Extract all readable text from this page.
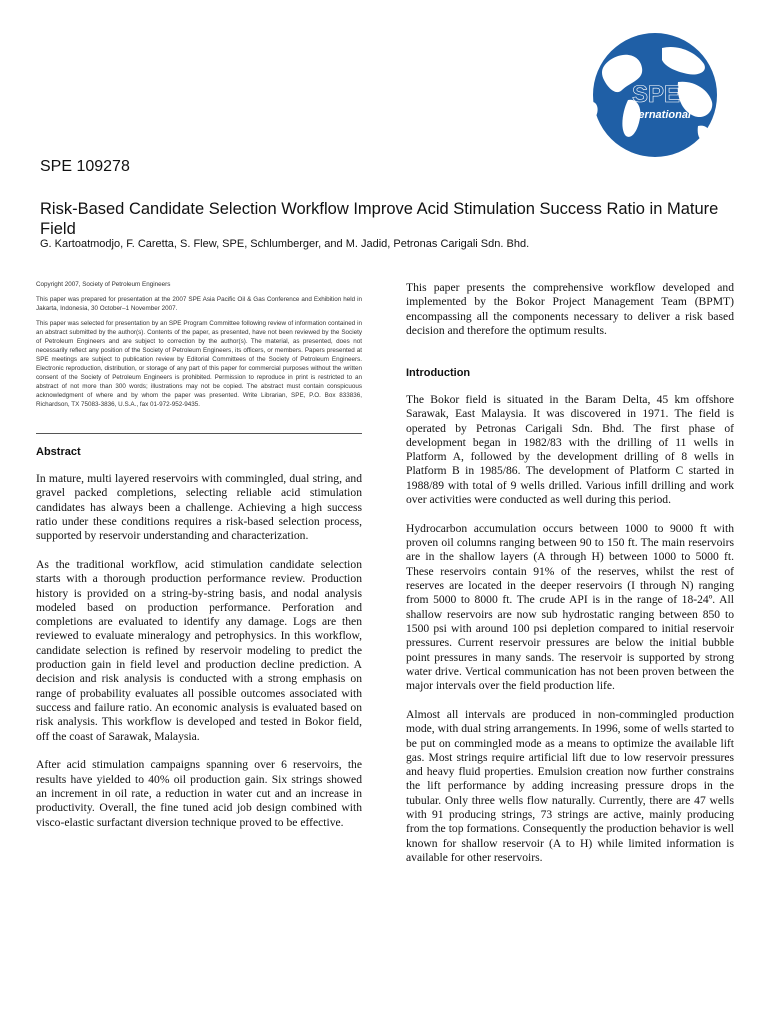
SPE
International
SPE 109278
Risk-Based Candidate Selection Workflow Improve Acid Stimulation Success Ratio in Mature Field
G. Kartoatmodjo, F. Caretta, S. Flew, SPE, Schlumberger, and M. Jadid, Petronas Carigali Sdn. Bhd.

Copyright 2007, Society of Petroleum Engineers

This paper was prepared for presentation at the 2007 SPE Asia Pacific Oil & Gas Conference and Exhibition held in Jakarta, Indonesia, 30 October–1 November 2007.

This paper was selected for presentation by an SPE Program Committee following review of information contained in an abstract submitted by the author(s). Contents of the paper, as presented, have not been reviewed by the Society of Petroleum Engineers and are subject to correction by the author(s). The material, as presented, does not necessarily reflect any position of the Society of Petroleum Engineers, its officers, or members. Papers presented at SPE meetings are subject to publication review by Editorial Committees of the Society of Petroleum Engineers. Electronic reproduction, distribution, or storage of any part of this paper for commercial purposes without the written consent of the Society of Petroleum Engineers is prohibited. Permission to reproduce in print is restricted to an abstract of not more than 300 words; illustrations may not be copied. The abstract must contain conspicuous acknowledgment of where and by whom the paper was presented. Write Librarian, SPE, P.O. Box 833836, Richardson, TX 75083-3836, U.S.A., fax 01-972-952-9435.

Abstract

In mature, multi layered reservoirs with commingled, dual string, and gravel packed completions, selecting reliable acid stimulation candidates has always been a challenge. Achieving a high success ratio under these conditions requires a risk-based selection process, supported by reservoir understanding and characterization.

As the traditional workflow, acid stimulation candidate selection starts with a thorough production performance review. Production history is provided on a string-by-string basis, and nodal analysis modeled based on production performance. Perforation and completions are evaluated to identify any damage. Logs are then reviewed to evaluate mineralogy and petrophysics. In this workflow, candidate selection is refined by reservoir modeling to predict the production gain in field level and production decline prediction. A decision and risk analysis is conducted with a strong emphasis on range of probability evaluates all possible outcomes associated with success and failure ratio. An economic analysis is evaluated based on risk analysis. This workflow is developed and tested in Bokor field, off the coast of Sarawak, Malaysia.

After acid stimulation campaigns spanning over 6 reservoirs, the results have yielded to 40% oil production gain. Six strings showed an increment in oil rate, a reduction in water cut and an increase in productivity. Overall, the fine tuned acid job design combined with visco-elastic surfactant diversion technique proved to be effective.

This paper presents the comprehensive workflow developed and implemented by the Bokor Project Management Team (BPMT) encompassing all the components necessary to deliver a risk based decision and therefore the optimum results.

Introduction

The Bokor field is situated in the Baram Delta, 45 km offshore Sarawak, East Malaysia. It was discovered in 1971. The field is operated by Petronas Carigali Sdn. Bhd. The first phase of development began in 1982/83 with the drilling of 11 wells in Platform A, followed by the development drilling of 8 wells in Platform B in 1985/86. The development of Platform C started in 1988/89 with total of 9 wells drilled. Various infill drilling and work over activities were conducted as well during this period.

Hydrocarbon accumulation occurs between 1000 to 9000 ft with proven oil columns ranging between 90 to 150 ft. The main reservoirs are in the shallow layers (A through H) between 1000 to 5000 ft. These reservoirs contain 91% of the reserves, whilst the rest of reserves are located in the deeper reservoirs (I through N) ranging from 5000 to 8000 ft. The crude API is in the range of 18-24º. All shallow reservoirs are now sub hydrostatic ranging between 850 to 1500 psi with around 100 psi depletion compared to initial reservoir pressures. Current reservoir pressures are below the initial bubble point pressures in many sands. The reservoir is supported by strong water drive. Vertical communication has not been proven between the major intervals over the field production life.

Almost all intervals are produced in non-commingled production mode, with dual string arrangements. In 1996, some of wells started to be put on commingled mode as a means to optimize the available lift gas. Most strings require artificial lift due to low reservoir pressures and heavy fluid properties. Emulsion creation now further constrains the lift performance by adding increasing pressure drops in the tubular. Only three wells flow naturally. Currently, there are 47 wells with 91 producing strings, 73 strings are active, mainly producing from the top formations. Consequently the production behavior is well known for shallow reservoir (A to H) while limited information is available for other reservoirs.
